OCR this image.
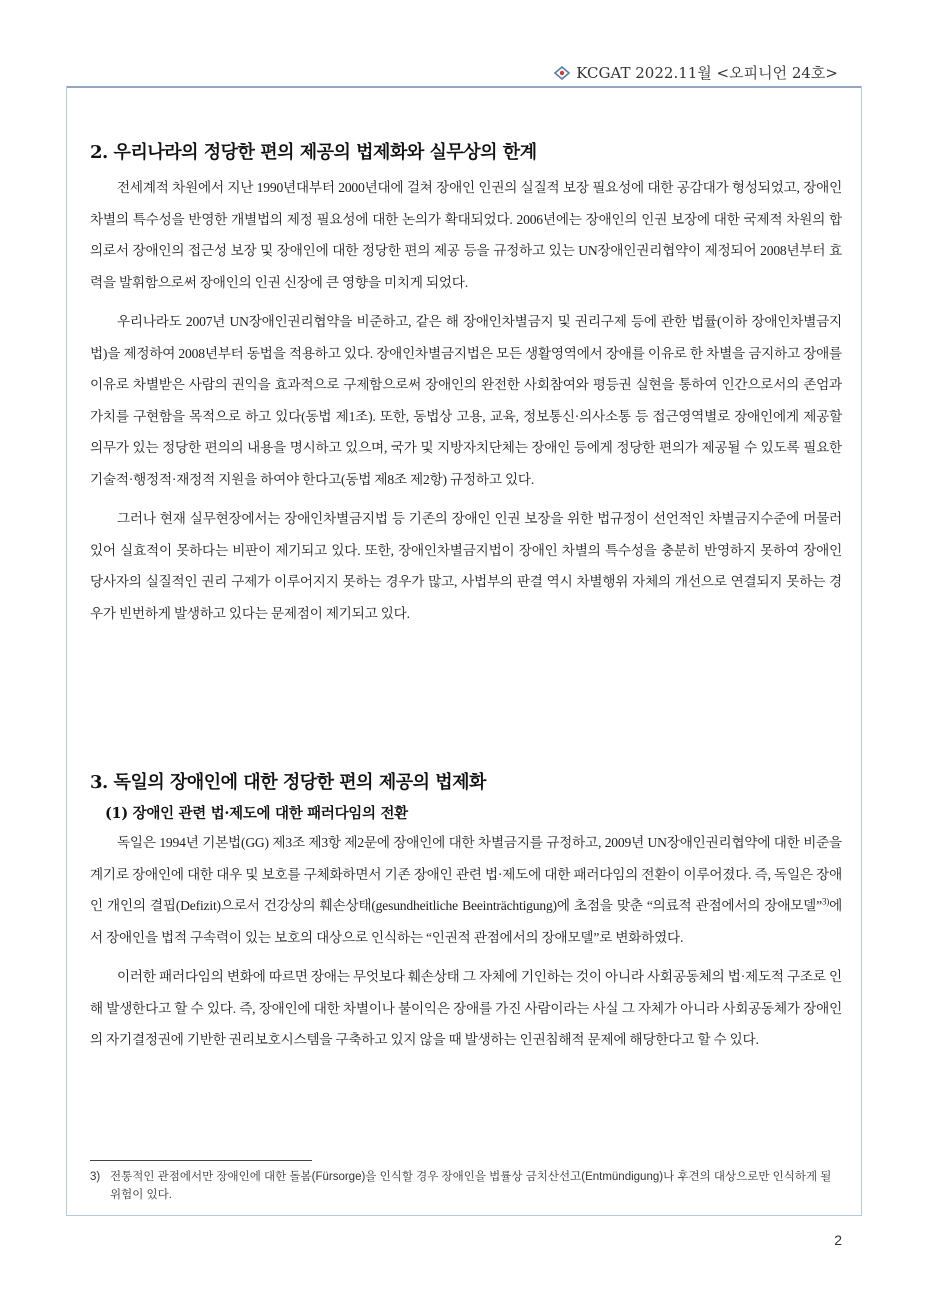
KCGAT 2022.11월 <오피니언 24호>
2. 우리나라의 정당한 편의 제공의 법제화와 실무상의 한계

전세계적 차원에서 지난 1990년대부터 2000년대에 걸쳐 장애인 인권의 실질적 보장 필요성에 대한 공감대가 형성되었고, 장애인 차별의 특수성을 반영한 개별법의 제정 필요성에 대한 논의가 확대되었다. 2006년에는 장애인의 인권 보장에 대한 국제적 차원의 합의로서 장애인의 접근성 보장 및 장애인에 대한 정당한 편의 제공 등을 규정하고 있는 UN장애인권리협약이 제정되어 2008년부터 효력을 발휘함으로써 장애인의 인권 신장에 큰 영향을 미치게 되었다.

우리나라도 2007년 UN장애인권리협약을 비준하고, 같은 해 장애인차별금지 및 권리구제 등에 관한 법률(이하 장애인차별금지법)을 제정하여 2008년부터 동법을 적용하고 있다. 장애인차별금지법은 모든 생활영역에서 장애를 이유로 한 차별을 금지하고 장애를 이유로 차별받은 사람의 권익을 효과적으로 구제함으로써 장애인의 완전한 사회참여와 평등권 실현을 통하여 인간으로서의 존엄과 가치를 구현함을 목적으로 하고 있다(동법 제1조). 또한, 동법상 고용, 교육, 정보통신·의사소통 등 접근영역별로 장애인에게 제공할 의무가 있는 정당한 편의의 내용을 명시하고 있으며, 국가 및 지방자치단체는 장애인 등에게 정당한 편의가 제공될 수 있도록 필요한 기술적·행정적·재정적 지원을 하여야 한다고(동법 제8조 제2항) 규정하고 있다.

그러나 현재 실무현장에서는 장애인차별금지법 등 기존의 장애인 인권 보장을 위한 법규정이 선언적인 차별금지수준에 머물러 있어 실효적이 못하다는 비판이 제기되고 있다. 또한, 장애인차별금지법이 장애인 차별의 특수성을 충분히 반영하지 못하여 장애인 당사자의 실질적인 권리 구제가 이루어지지 못하는 경우가 많고, 사법부의 판결 역시 차별행위 자체의 개선으로 연결되지 못하는 경우가 빈번하게 발생하고 있다는 문제점이 제기되고 있다.

3. 독일의 장애인에 대한 정당한 편의 제공의 법제화
(1) 장애인 관련 법·제도에 대한 패러다임의 전환

독일은 1994년 기본법(GG) 제3조 제3항 제2문에 장애인에 대한 차별금지를 규정하고, 2009년 UN장애인권리협약에 대한 비준을 계기로 장애인에 대한 대우 및 보호를 구체화하면서 기존 장애인 관련 법·제도에 대한 패러다임의 전환이 이루어졌다. 즉, 독일은 장애인 개인의 결핍(Defizit)으로서 건강상의 훼손상태(gesundheitliche Beeinträchtigung)에 초점을 맞춘 “의료적 관점에서의 장애모델”$^{3)}$에서 장애인을 법적 구속력이 있는 보호의 대상으로 인식하는 “인권적 관점에서의 장애모델”로 변화하였다.

이러한 패러다임의 변화에 따르면 장애는 무엇보다 훼손상태 그 자체에 기인하는 것이 아니라 사회공동체의 법·제도적 구조로 인해 발생한다고 할 수 있다. 즉, 장애인에 대한 차별이나 불이익은 장애를 가진 사람이라는 사실 그 자체가 아니라 사회공동체가 장애인의 자기결정권에 기반한 권리보호시스템을 구축하고 있지 않을 때 발생하는 인권침해적 문제에 해당한다고 할 수 있다.

3) 전통적인 관점에서만 장애인에 대한 돌봄(Fürsorge)을 인식할 경우 장애인을 법률상 금치산선고(Entmündigung)나 후견의 대상으로만 인식하게 될 위험이 있다.
2
